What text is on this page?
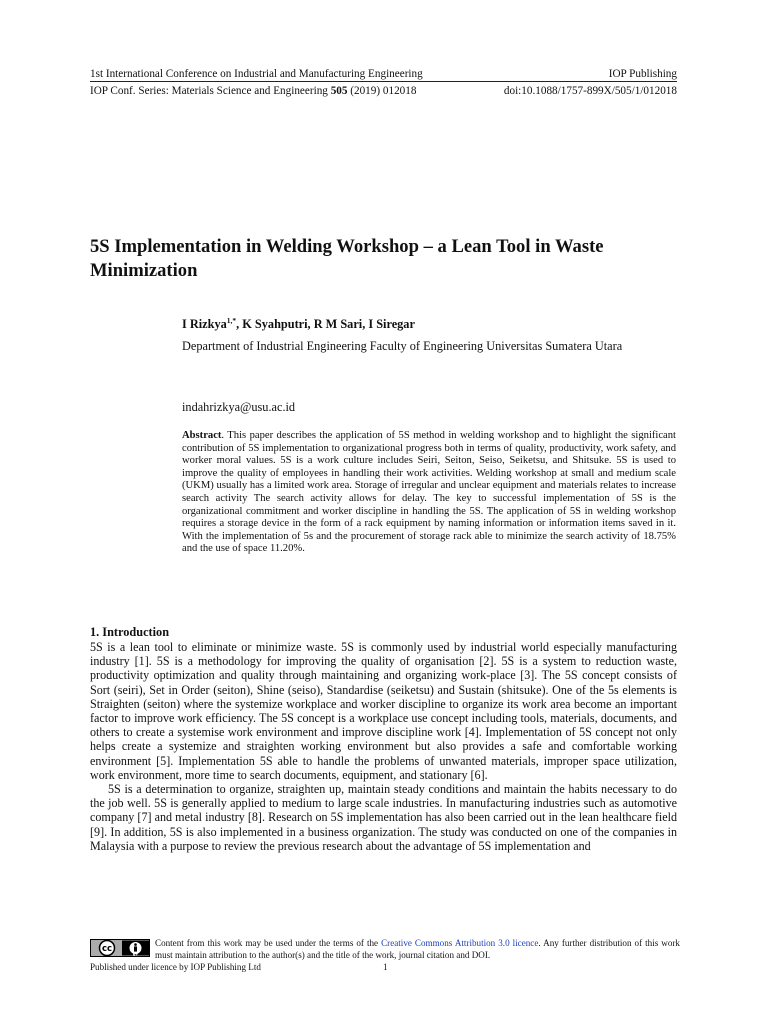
1st International Conference on Industrial and Manufacturing Engineering	IOP Publishing
IOP Conf. Series: Materials Science and Engineering 505 (2019) 012018	doi:10.1088/1757-899X/505/1/012018
5S Implementation in Welding Workshop – a Lean Tool in Waste Minimization

I Rizkya$^{1,*}$, K Syahputri, R M Sari, I Siregar

Department of Industrial Engineering Faculty of Engineering Universitas Sumatera Utara

indahrizkya@usu.ac.id

Abstract. This paper describes the application of 5S method in welding workshop and to highlight the significant contribution of 5S implementation to organizational progress both in terms of quality, productivity, work safety, and worker moral values. 5S is a work culture includes Seiri, Seiton, Seiso, Seiketsu, and Shitsuke. 5S is used to improve the quality of employees in handling their work activities. Welding workshop at small and medium scale (UKM) usually has a limited work area. Storage of irregular and unclear equipment and materials relates to increase search activity The search activity allows for delay. The key to successful implementation of 5S is the organizational commitment and worker discipline in handling the 5S. The application of 5S in welding workshop requires a storage device in the form of a rack equipment by naming information or information items saved in it. With the implementation of 5s and the procurement of storage rack able to minimize the search activity of 18.75% and the use of space 11.20%.

1. Introduction

5S is a lean tool to eliminate or minimize waste. 5S is commonly used by industrial world especially manufacturing industry [1]. 5S is a methodology for improving the quality of organisation [2]. 5S is a system to reduction waste, productivity optimization and quality through maintaining and organizing work-place [3]. The 5S concept consists of Sort (seiri), Set in Order (seiton), Shine (seiso), Standardise (seiketsu) and Sustain (shitsuke). One of the 5s elements is Straighten (seiton) where the systemize workplace and worker discipline to organize its work area become an important factor to improve work efficiency. The 5S concept is a workplace use concept including tools, materials, documents, and others to create a systemise work environment and improve discipline work [4]. Implementation of 5S concept not only helps create a systemize and straighten working environment but also provides a safe and comfortable working environment [5]. Implementation 5S able to handle the problems of unwanted materials, improper space utilization, work environment, more time to search documents, equipment, and stationary [6].

5S is a determination to organize, straighten up, maintain steady conditions and maintain the habits necessary to do the job well. 5S is generally applied to medium to large scale industries. In manufacturing industries such as automotive company [7] and metal industry [8]. Research on 5S implementation has also been carried out in the lean healthcare field [9]. In addition, 5S is also implemented in a business organization. The study was conducted on one of the companies in Malaysia with a purpose to review the previous research about the advantage of 5S implementation and

cc
BY

Content from this work may be used under the terms of the Creative Commons Attribution 3.0 licence. Any further distribution of this work must maintain attribution to the author(s) and the title of the work, journal citation and DOI.

Published under licence by IOP Publishing Ltd	1
